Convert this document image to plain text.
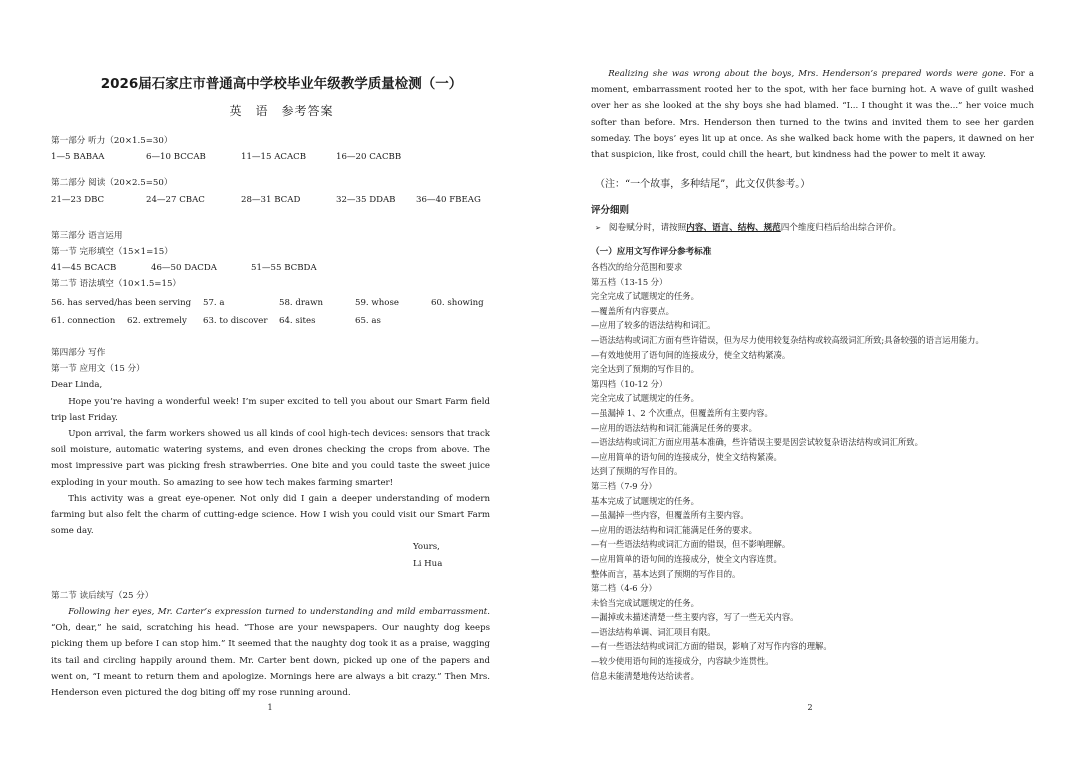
2026届石家庄市普通高中学校毕业年级教学质量检测（一）
英　语　参考答案
第一部分 听力（20×1.5=30）
1—5 BABAA	6—10 BCCAB	11—15 ACACB	16—20 CACBB
第二部分 阅读（20×2.5=50）
21—23 DBC	24—27 CBAC	28—31 BCAD	32—35 DDAB	36—40 FBEAG
第三部分 语言运用
第一节 完形填空（15×1=15）
41—45 BCACB	46—50 DACDA	51—55 BCBDA
第二节 语法填空（10×1.5=15）
56. has served/has been serving	57. a	58. drawn	59. whose	60. showing
61. connection	62. extremely	63. to discover	64. sites	65. as
第四部分 写作
第一节 应用文（15 分）
Dear Linda,

Hope you’re having a wonderful week! I’m super excited to tell you about our Smart Farm field trip last Friday.

Upon arrival, the farm workers showed us all kinds of cool high-tech devices: sensors that track soil moisture, automatic watering systems, and even drones checking the crops from above. The most impressive part was picking fresh strawberries. One bite and you could taste the sweet juice exploding in your mouth. So amazing to see how tech makes farming smarter!

This activity was a great eye-opener. Not only did I gain a deeper understanding of modern farming but also felt the charm of cutting-edge science. How I wish you could visit our Smart Farm some day.

Yours,
Li Hua
第二节 读后续写（25 分）

Following her eyes, Mr. Carter’s expression turned to understanding and mild embarrassment. “Oh, dear,” he said, scratching his head. “Those are your newspapers. Our naughty dog keeps picking them up before I can stop him.” It seemed that the naughty dog took it as a praise, wagging its tail and circling happily around them. Mr. Carter bent down, picked up one of the papers and went on, “I meant to return them and apologize. Mornings here are always a bit crazy.” Then Mrs. Henderson even pictured the dog biting off my rose running around.

1

Realizing she was wrong about the boys, Mrs. Henderson’s prepared words were gone. For a moment, embarrassment rooted her to the spot, with her face burning hot. A wave of guilt washed over her as she looked at the shy boys she had blamed. “I... I thought it was the...” her voice much softer than before. Mrs. Henderson then turned to the twins and invited them to see her garden someday. The boys’ eyes lit up at once. As she walked back home with the papers, it dawned on her that suspicion, like frost, could chill the heart, but kindness had the power to melt it away.

（注：“一个故事，多种结尾”，此文仅供参考。）
评分细则
➢ 阅卷赋分时，请按照内容、语言、结构、规范四个维度归档后给出综合评价。
（一）应用文写作评分参考标准
各档次的给分范围和要求
第五档（13-15 分）
完全完成了试题规定的任务。
—覆盖所有内容要点。
—应用了较多的语法结构和词汇。
—语法结构或词汇方面有些许错误，但为尽力使用较复杂结构或较高级词汇所致;具备较强的语言运用能力。
—有效地使用了语句间的连接成分，使全文结构紧凑。
完全达到了预期的写作目的。
第四档（10-12 分）
完全完成了试题规定的任务。
—虽漏掉 1、2 个次重点，但覆盖所有主要内容。
—应用的语法结构和词汇能满足任务的要求。
—语法结构或词汇方面应用基本准确，些许错误主要是因尝试较复杂语法结构或词汇所致。
—应用简单的语句间的连接成分，使全文结构紧凑。
达到了预期的写作目的。
第三档（7-9 分）
基本完成了试题规定的任务。
—虽漏掉一些内容，但覆盖所有主要内容。
—应用的语法结构和词汇能满足任务的要求。
—有一些语法结构或词汇方面的错误，但不影响理解。
—应用简单的语句间的连接成分，使全文内容连贯。
整体而言，基本达到了预期的写作目的。
第二档（4-6 分）
未恰当完成试题规定的任务。
—漏掉或未描述清楚一些主要内容，写了一些无关内容。
—语法结构单调、词汇项目有限。
—有一些语法结构或词汇方面的错误，影响了对写作内容的理解。
—较少使用语句间的连接成分，内容缺少连贯性。
信息未能清楚地传达给读者。
2
